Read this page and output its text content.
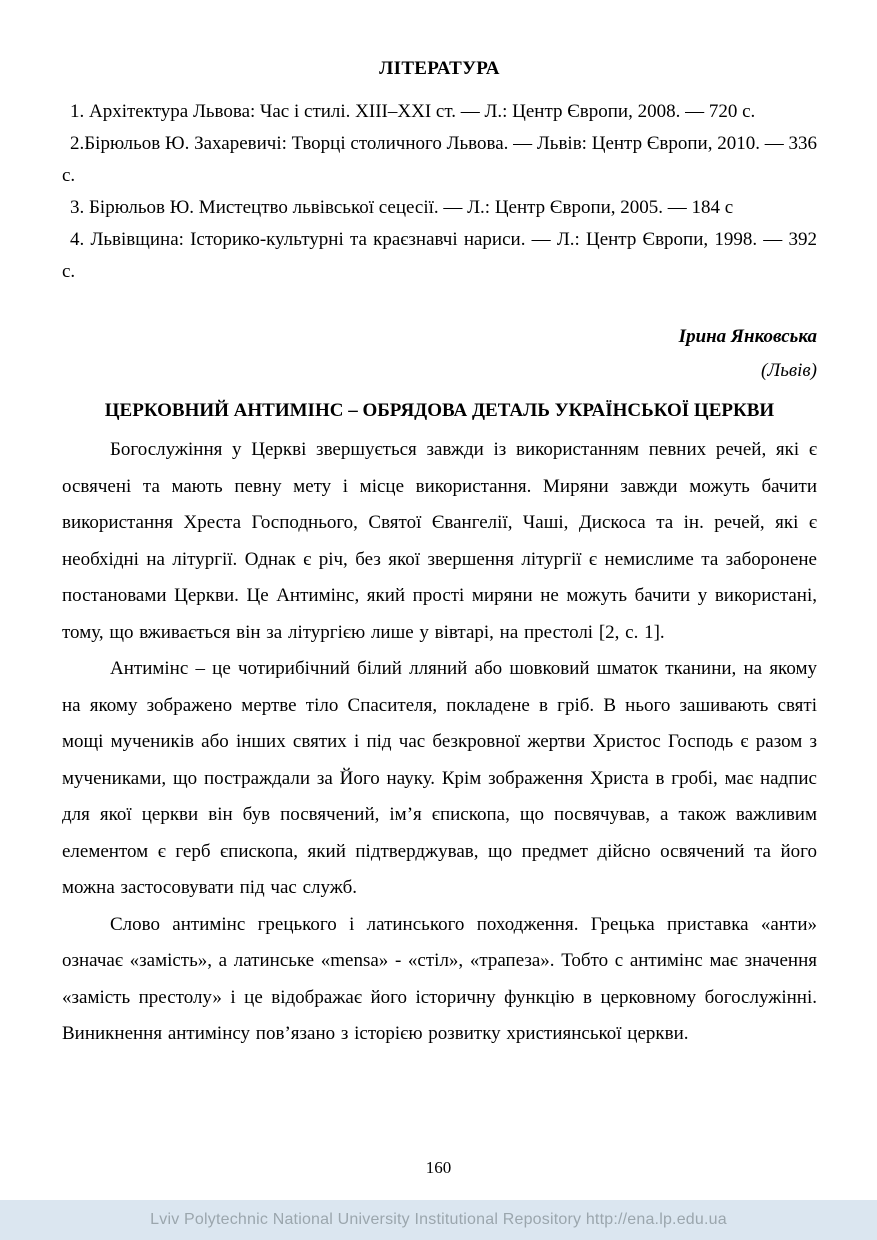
ЛІТЕРАТУРА

1. Архітектура Львова: Час і стилі. XIII–XXI ст. — Л.: Центр Європи, 2008. — 720 с.

2.Бірюльов Ю. Захаревичі: Творці столичного Львова. — Львів: Центр Європи, 2010. — 336 с.

3. Бірюльов Ю. Мистецтво львівської сецесії. — Л.: Центр Європи, 2005. — 184 с

4. Львівщина: Історико-культурні та краєзнавчі нариси. — Л.: Центр Європи, 1998. — 392 с.

Ірина Янковська
(Львів)
ЦЕРКОВНИЙ АНТИМІНС – ОБРЯДОВА ДЕТАЛЬ УКРАЇНСЬКОЇ ЦЕРКВИ

Богослужіння у Церкві звершується завжди із використанням певних речей, які є освячені та мають певну мету і місце використання. Миряни завжди можуть бачити використання Хреста Господнього, Святої Євангелії, Чаші, Дискоса та ін. речей, які є необхідні на літургії. Однак є річ, без якої звершення літургії є немислиме та заборонене постановами Церкви. Це Антимінс, який прості миряни не можуть бачити у використані, тому, що вживається він за літургією лише у вівтарі, на престолі [2, с. 1].

Антимінс – це чотирибічний білий лляний або шовковий шматок тканини, на якому на якому зображено мертве тіло Спасителя, покладене в гріб. В нього зашивають святі мощі мучеників або інших святих і під час безкровної жертви Христос Господь є разом з мучениками, що постраждали за Його науку. Крім зображення Христа в гробі, має надпис для якої церкви він був посвячений, ім’я єпископа, що посвячував, а також важливим елементом є герб єпископа, який підтверджував, що предмет дійсно освячений та його можна застосовувати під час служб.

Слово антимінс грецького і латинського походження. Грецька приставка «анти» означає «замість», а латинське «mensa» - «стіл», «трапеза». Тобто с антимінс має значення «замість престолу» і це відображає його історичну функцію в церковному богослужінні. Виникнення антимінсу пов’язано з історією розвитку християнської церкви.

160
Lviv Polytechnic National University Institutional Repository http://ena.lp.edu.ua
